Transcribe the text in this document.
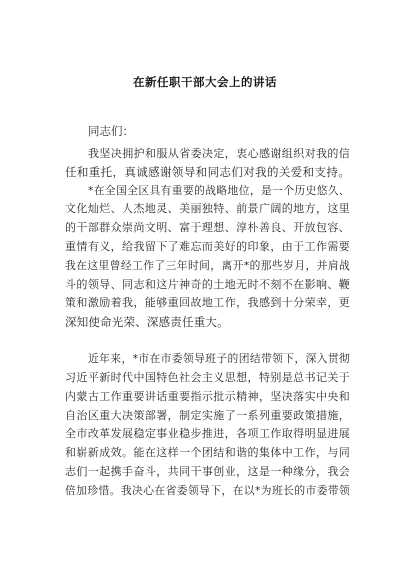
在新任职干部大会上的讲话
同志们：
我坚决拥护和服从省委决定，衷心感谢组织对我的信
任和重托，真诚感谢领导和同志们对我的关爱和支持。
*在全国全区具有重要的战略地位，是一个历史悠久、
文化灿烂、人杰地灵、美丽独特、前景广阔的地方，这里
的干部群众崇尚文明、富于理想、淳朴善良、开放包容、
重情有义，给我留下了难忘而美好的印象，由于工作需要
我在这里曾经工作了三年时间，离开*的那些岁月，并肩战
斗的领导、同志和这片神奇的土地无时不刻不在影响、鞭
策和激励着我，能够重回故地工作，我感到十分荣幸，更
深知使命光荣、深感责任重大。
近年来，*市在市委领导班子的团结带领下，深入贯彻
习近平新时代中国特色社会主义思想，特别是总书记关于
内蒙古工作重要讲话重要指示批示精神，坚决落实中央和
自治区重大决策部署，制定实施了一系列重要政策措施，
全市改革发展稳定事业稳步推进，各项工作取得明显进展
和崭新成效。能在这样一个团结和谐的集体中工作，与同
志们一起携手奋斗，共同干事创业，这是一种缘分，我会
倍加珍惜。我决心在省委领导下，在以*为班长的市委带领
